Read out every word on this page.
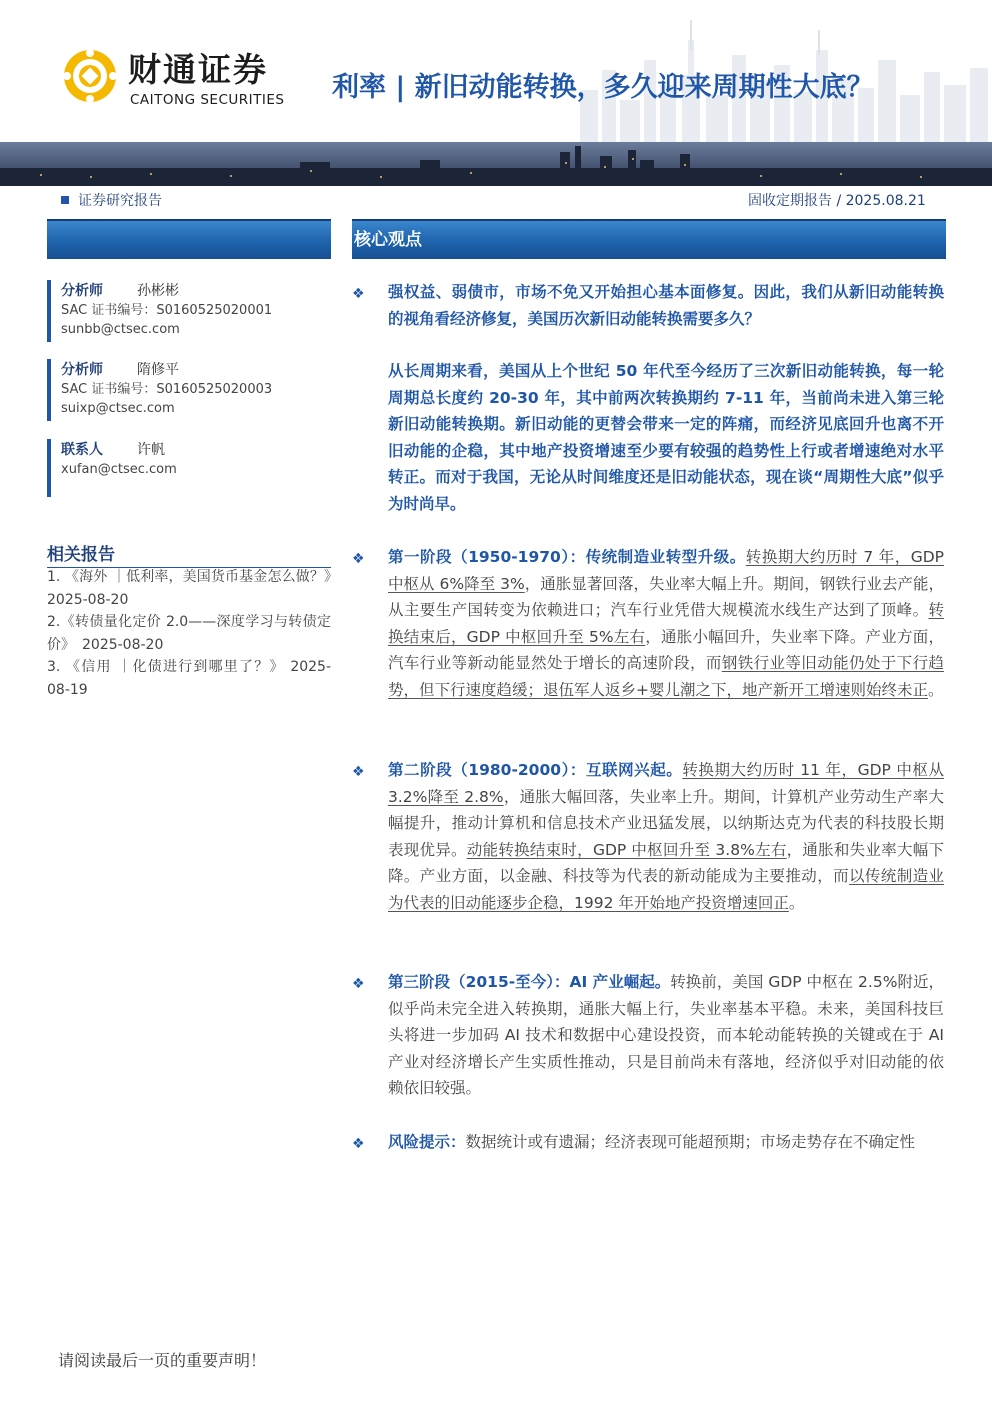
财通证券
CAITONG SECURITIES 利率 | 新旧动能转换，多久迎来周期性大底？
证券研究报告	固收定期报告 / 2025.08.21
核心观点
分析师 孙彬彬
SAC 证书编号：S0160525020001
sunbb@ctsec.com
分析师 隋修平
SAC 证书编号：S0160525020003
suixp@ctsec.com
联系人 许帆
xufan@ctsec.com
相关报告
1. 《海外 ｜低利率，美国货币基金怎么做？》　2025-08-20
2.《转债量化定价 2.0——深度学习与转债定价》　2025-08-20
3. 《信用 ｜化债进行到哪里了？》 2025-08-19
❖ 强权益、弱债市，市场不免又开始担心基本面修复。因此，我们从新旧动能转换的视角看经济修复，美国历次新旧动能转换需要多久？
从长周期来看，美国从上个世纪 50 年代至今经历了三次新旧动能转换，每一轮周期总长度约 20-30 年，其中前两次转换期约 7-11 年，当前尚未进入第三轮新旧动能转换期。新旧动能的更替会带来一定的阵痛，而经济见底回升也离不开旧动能的企稳，其中地产投资增速至少要有较强的趋势性上行或者增速绝对水平转正。而对于我国，无论从时间维度还是旧动能状态，现在谈“周期性大底”似乎为时尚早。
❖ 第一阶段（1950-1970）：传统制造业转型升级。转换期大约历时 7 年，GDP 中枢从 6%降至 3%，通胀显著回落，失业率大幅上升。期间，钢铁行业去产能，从主要生产国转变为依赖进口；汽车行业凭借大规模流水线生产达到了顶峰。转换结束后，GDP 中枢回升至 5%左右，通胀小幅回升，失业率下降。产业方面，汽车行业等新动能显然处于增长的高速阶段，而钢铁行业等旧动能仍处于下行趋势，但下行速度趋缓；退伍军人返乡+婴儿潮之下，地产新开工增速则始终未正。
❖ 第二阶段（1980-2000）：互联网兴起。转换期大约历时 11 年，GDP 中枢从 3.2%降至 2.8%，通胀大幅回落，失业率上升。期间，计算机产业劳动生产率大幅提升，推动计算机和信息技术产业迅猛发展，以纳斯达克为代表的科技股长期表现优异。动能转换结束时，GDP 中枢回升至 3.8%左右，通胀和失业率大幅下降。产业方面，以金融、科技等为代表的新动能成为主要推动，而以传统制造业为代表的旧动能逐步企稳，1992 年开始地产投资增速回正。
❖ 第三阶段（2015-至今）：AI 产业崛起。转换前，美国 GDP 中枢在 2.5%附近，似乎尚未完全进入转换期，通胀大幅上行，失业率基本平稳。未来，美国科技巨头将进一步加码 AI 技术和数据中心建设投资，而本轮动能转换的关键或在于 AI 产业对经济增长产生实质性推动，只是目前尚未有落地，经济似乎对旧动能的依赖依旧较强。
❖ 风险提示：数据统计或有遗漏；经济表现可能超预期；市场走势存在不确定性
请阅读最后一页的重要声明！
